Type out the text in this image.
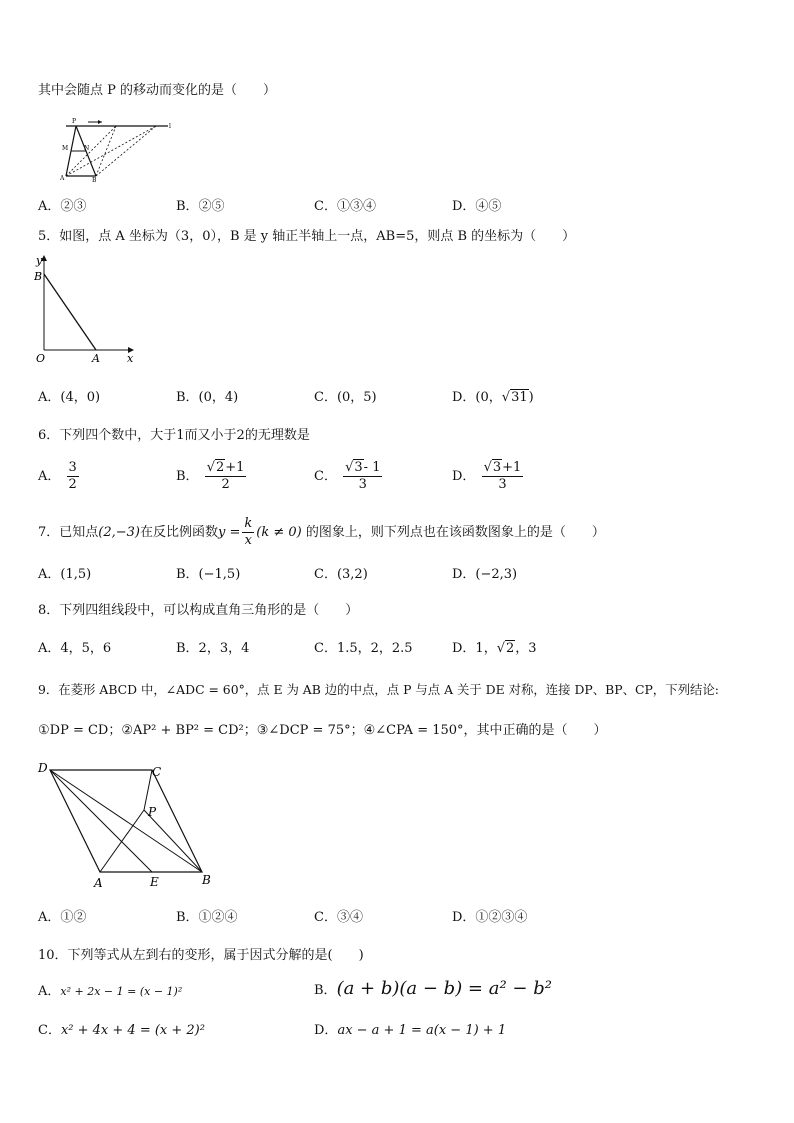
其中会随点 P 的移动而变化的是（　　）
P
M	N
A	B
l
A．②③	B．②⑤	C．①③④	D．④⑤
5．如图，点 A 坐标为（3，0），B 是 y 轴正半轴上一点，AB=5，则点 B 的坐标为（　　）
y
B
O	A x
A．(4，0)	B．(0，4)	C．(0，5)	D．(0，√31)
6．下列四个数中，大于1而又小于2的无理数是
A． $\frac{3}{2}$	B． $\frac{√2+1}{2}$	C． $\frac{√3- 1}{3}$	D． $\frac{√3+1}{3}$
7．已知点(2,−3)在反比例函数$y = \frac{k}{x} (k \ne 0)$ 的图象上，则下列点也在该函数图象上的是（　　）
A．(1,5)	B．(−1,5)	C．(3,2)	D．(−2,3)
8．下列四组线段中，可以构成直角三角形的是（　　）
A．4，5，6	B．2，3，4	C．1.5，2，2.5	D．1，√2，3
9．在菱形 ABCD 中，∠ADC = 60°，点 E 为 AB 边的中点，点 P 与点 A 关于 DE 对称，连接 DP、BP、CP，下列结论:
①DP = CD；②AP² + BP² = CD²；③∠DCP = 75°；④∠CPA = 150°，其中正确的是（　　）
D	C
P
A	E	B
A．①②	B．①②④	C．③④	D．①②③④
10．下列等式从左到右的变形，属于因式分解的是(　　)
A．x² + 2x − 1 = (x − 1)²	B．(a + b)(a − b) = a² − b²
C．x² + 4x + 4 = (x + 2)²	D．ax − a + 1 = a(x − 1) + 1
